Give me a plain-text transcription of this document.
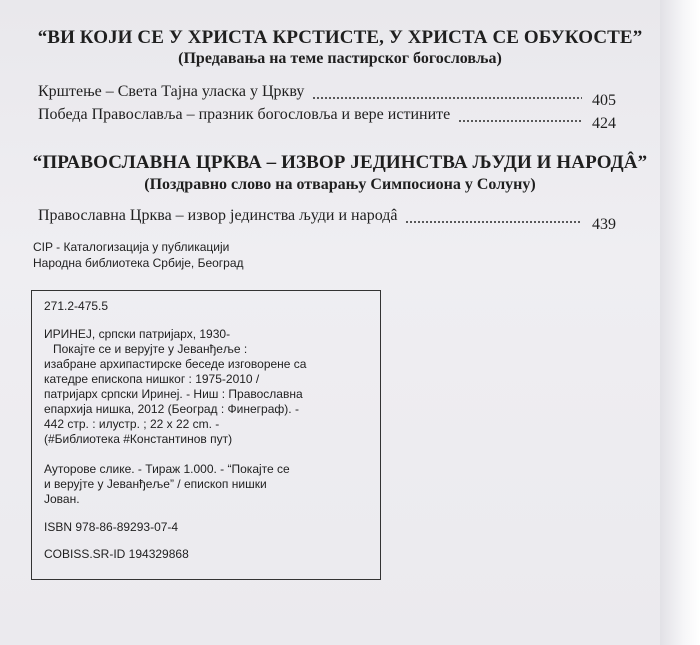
“ВИ КОЈИ СЕ У ХРИСТА КРСТИСТЕ, У ХРИСТА СЕ ОБУКОСТЕ”
(Предавања на теме пастирског богословља)
Крштење – Света Тајна уласка у Цркву
405
Победа Православља – празник богословља и вере истините
424
“ПРАВОСЛАВНА ЦРКВА – ИЗВОР ЈЕДИНСТВА ЉУДИ И НАРОДÂ”
(Поздравно слово на отварању Симпосиона у Солуну)
Православна Црква – извор јединства људи и народâ
439
CIP - Каталогизација у публикацији
Народна библиотека Србије, Београд
271.2-475.5
ИРИНЕЈ, српски патријарх, 1930-
Покајте се и верујте у Јеванђеље :
изабране архипастирске беседе изговорене са
катедре епископа нишког : 1975-2010 /
патријарх српски Иринеј. - Ниш : Православна
епархија нишка, 2012 (Београд : Финеграф). -
442 стр. : илустр. ; 22 x 22 cm. -
(#Библиотека #Константинов пут)
Ауторове слике. - Тираж 1.000. - “Покајте се
и верујте у Јеванђеље” / епископ нишки
Јован.
ISBN 978-86-89293-07-4
COBISS.SR-ID 194329868
